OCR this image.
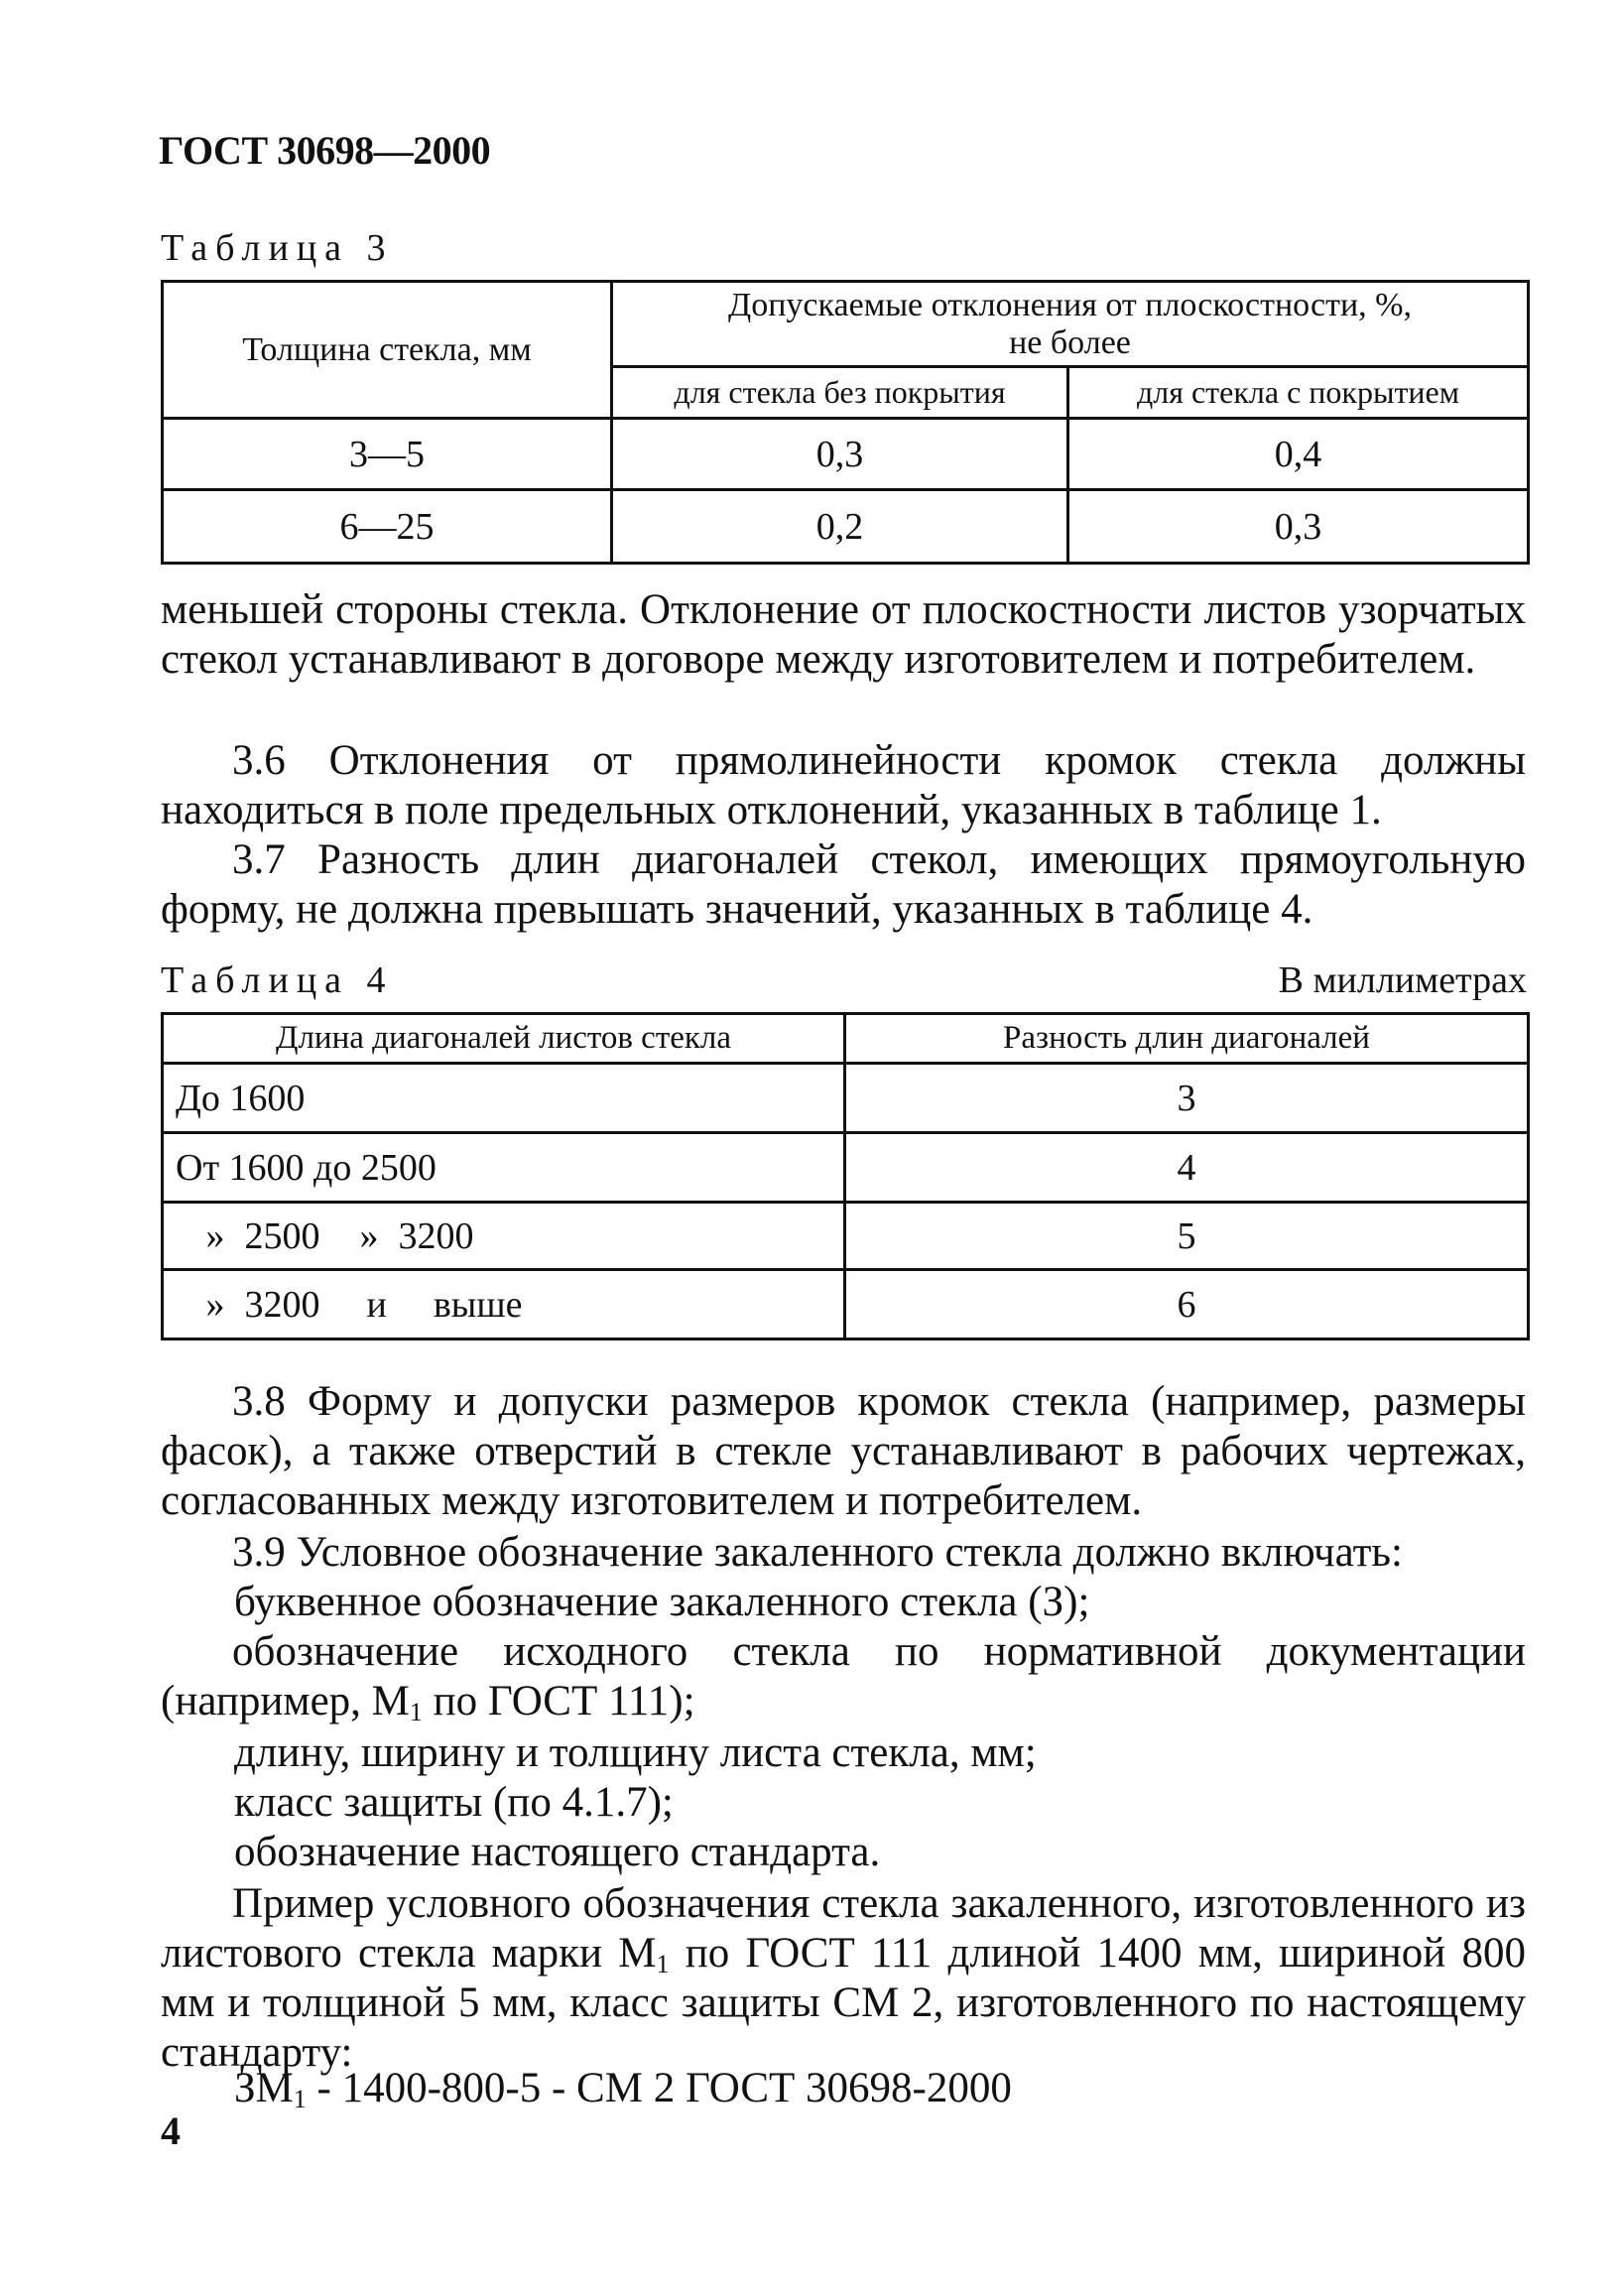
ГОСТ 30698—2000
Таблица 3
Толщина стекла, мм	Допускаемые отклонения от плоскостности, %,
не более	

	для стекла без покрытия	для стекла с покрытием
3—5	0,3	0,4
6—25	0,2	0,3
меньшей стороны стекла. Отклонение от плоскостности листов узорчатых стекол устанавливают в договоре между изготовителем и потребителем.
3.6 Отклонения от прямолинейности кромок стекла должны находиться в поле предельных отклонений, указанных в таблице 1.
3.7 Разность длин диагоналей стекол, имеющих прямоугольную форму, не должна превышать значений, указанных в таблице 4.
Таблица 4	В миллиметрах
Длина диагоналей листов стекла	Разность длин диагоналей
До 1600	3
От 1600 до 2500	4
» 2500 » 3200	5
» 3200 и выше	6
3.8 Форму и допуски размеров кромок стекла (например, размеры фасок), а также отверстий в стекле устанавливают в рабочих чертежах, согласованных между изготовителем и потребителем.
3.9 Условное обозначение закаленного стекла должно включать:
буквенное обозначение закаленного стекла (З);
обозначение исходного стекла по нормативной документации (например, $М_1$ по ГОСТ 111);
длину, ширину и толщину листа стекла, мм;
класс защиты (по 4.1.7);
обозначение настоящего стандарта.
Пример условного обозначения стекла закаленного, изготовленного из листового стекла марки $М_1$ по ГОСТ 111 длиной 1400 мм, шириной 800 мм и толщиной 5 мм, класс защиты СМ 2, изготовленного по настоящему стандарту:
$ЗМ_1 - 1400-800-5$ - СМ 2 ГОСТ 30698-2000
4
